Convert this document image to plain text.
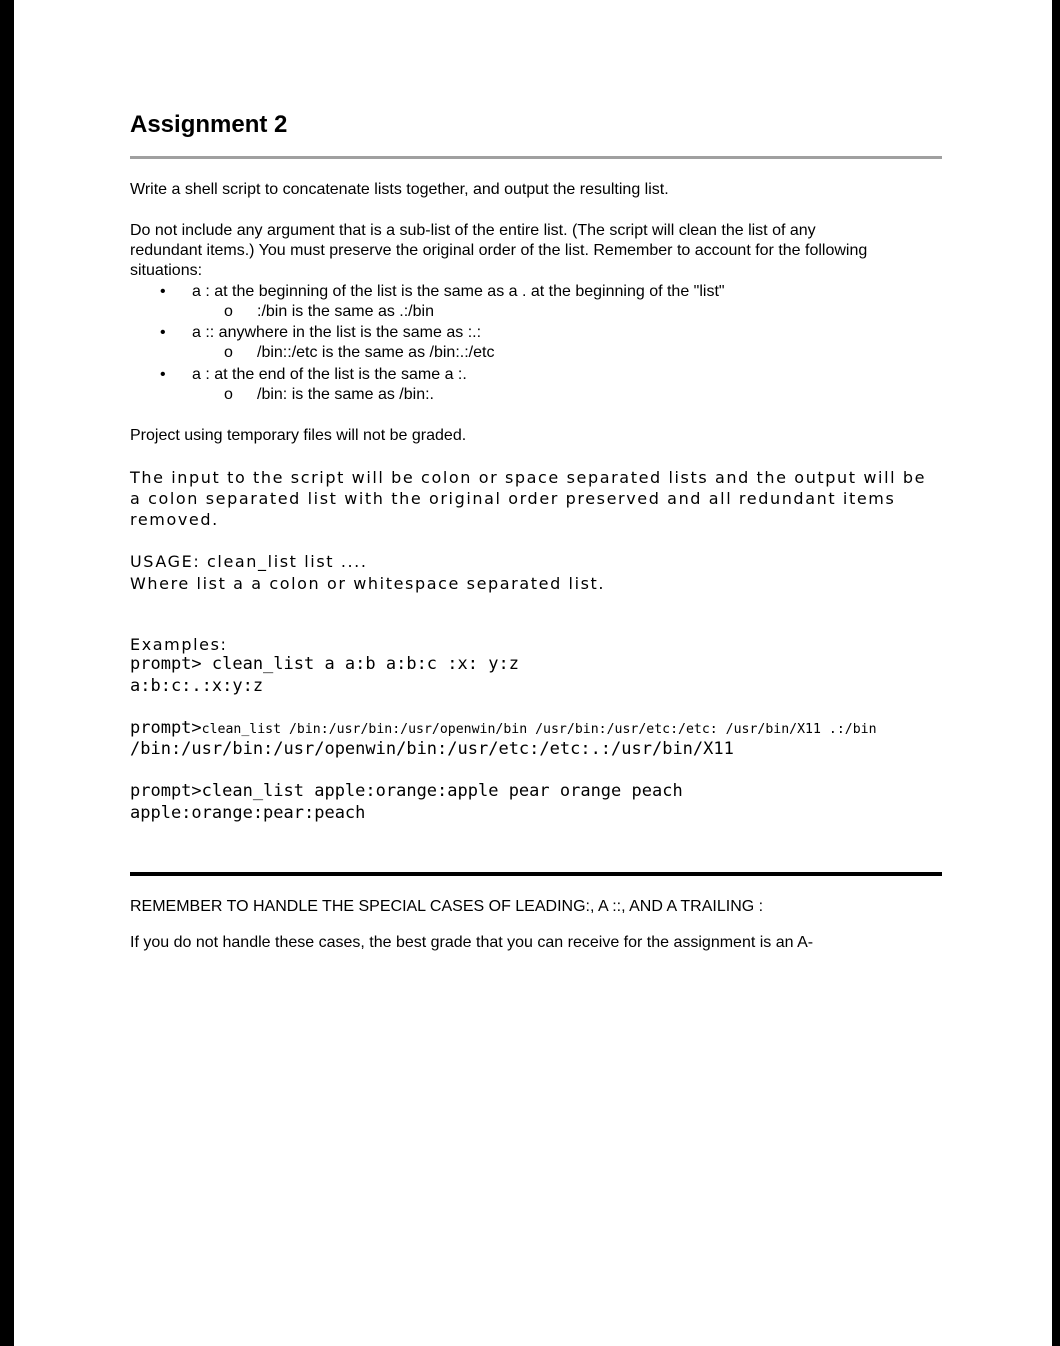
Assignment 2
Write a shell script to concatenate lists together, and output the resulting list.
Do not include any argument that is a sub-list of the entire list. (The script will clean the list of any
redundant items.) You must preserve the original order of the list. Remember to account for the following
situations:
• a : at the beginning of the list is the same as a . at the beginning of the "list"
o :/bin is the same as .:/bin
• a :: anywhere in the list is the same as :.:
o /bin::/etc is the same as /bin:.:/etc
• a : at the end of the list is the same a :.
o /bin: is the same as /bin:.
Project using temporary files will not be graded.
The input to the script will be colon or space separated lists and the output will be
a colon separated list with the original order preserved and all redundant items
removed.
USAGE: clean_list list ....
Where list a a colon or whitespace separated list.
Examples:
prompt> clean_list a a:b a:b:c :x: y:z
a:b:c:.:x:y:z
prompt>clean_list /bin:/usr/bin:/usr/openwin/bin /usr/bin:/usr/etc:/etc: /usr/bin/X11 .:/bin
/bin:/usr/bin:/usr/openwin/bin:/usr/etc:/etc:.:/usr/bin/X11
prompt>clean_list apple:orange:apple pear orange peach
apple:orange:pear:peach
REMEMBER TO HANDLE THE SPECIAL CASES OF LEADING:, A ::, AND A TRAILING :
If you do not handle these cases, the best grade that you can receive for the assignment is an A-
